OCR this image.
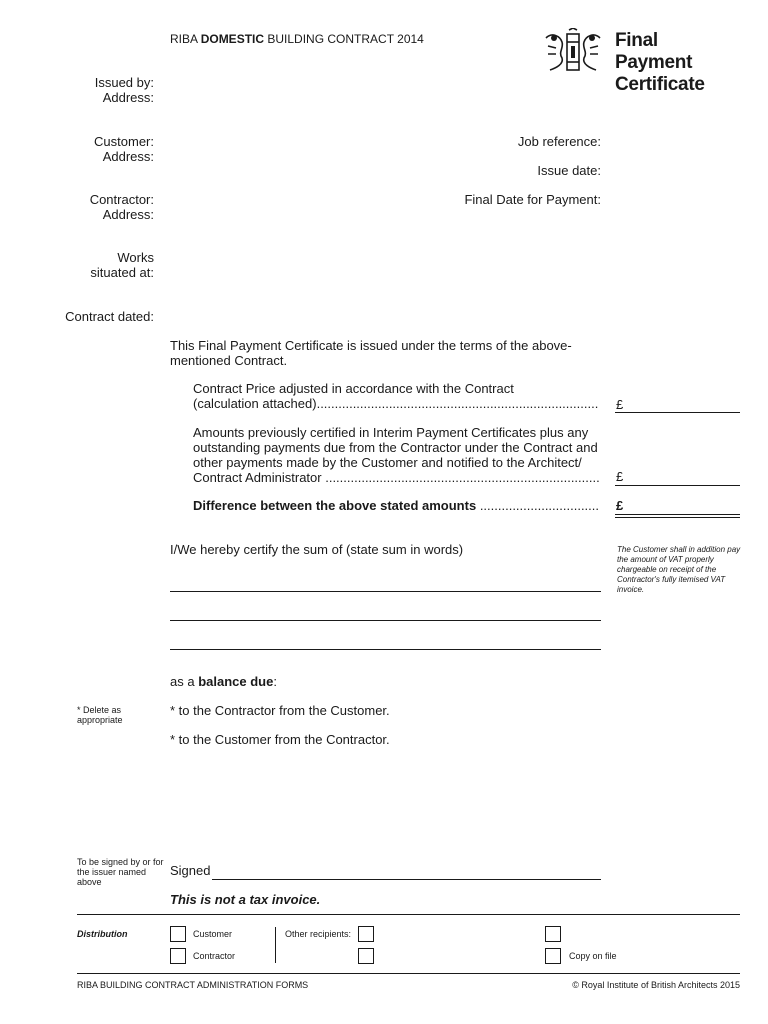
RIBA DOMESTIC BUILDING CONTRACT 2014	Final
Payment
Certificate
Issued by:
Address:
Customer:
Address:
Contractor:
Address:
Works
situated at:
Contract dated:
Job reference:
Issue date:
Final Date for Payment:
This Final Payment Certificate is issued under the terms of the above-
mentioned Contract.
Contract Price adjusted in accordance with the Contract
(calculation attached)
.....	£
Amounts previously certified in Interim Payment Certificates plus any
outstanding payments due from the Contractor under the Contract and
other payments made by the Customer and notified to the Architect/
Contract Administrator .....	£
Difference between the above stated amounts
.....	£
I/We hereby certify the sum of (state sum in words)	The Customer shall in addition pay
the amount of VAT properly
chargeable on receipt of the
Contractor's fully itemised VAT
invoice.
as a balance due:
* Delete as
appropriate
* to the Contractor from the Customer.
* to the Customer from the Contractor.
To be signed by or for
the issuer named
above
Signed
This is not a tax invoice.
Distribution	Customer
Contractor
Other recipients:
Copy on file
RIBA BUILDING CONTRACT ADMINISTRATION FORMS	© Royal Institute of British Architects 2015
